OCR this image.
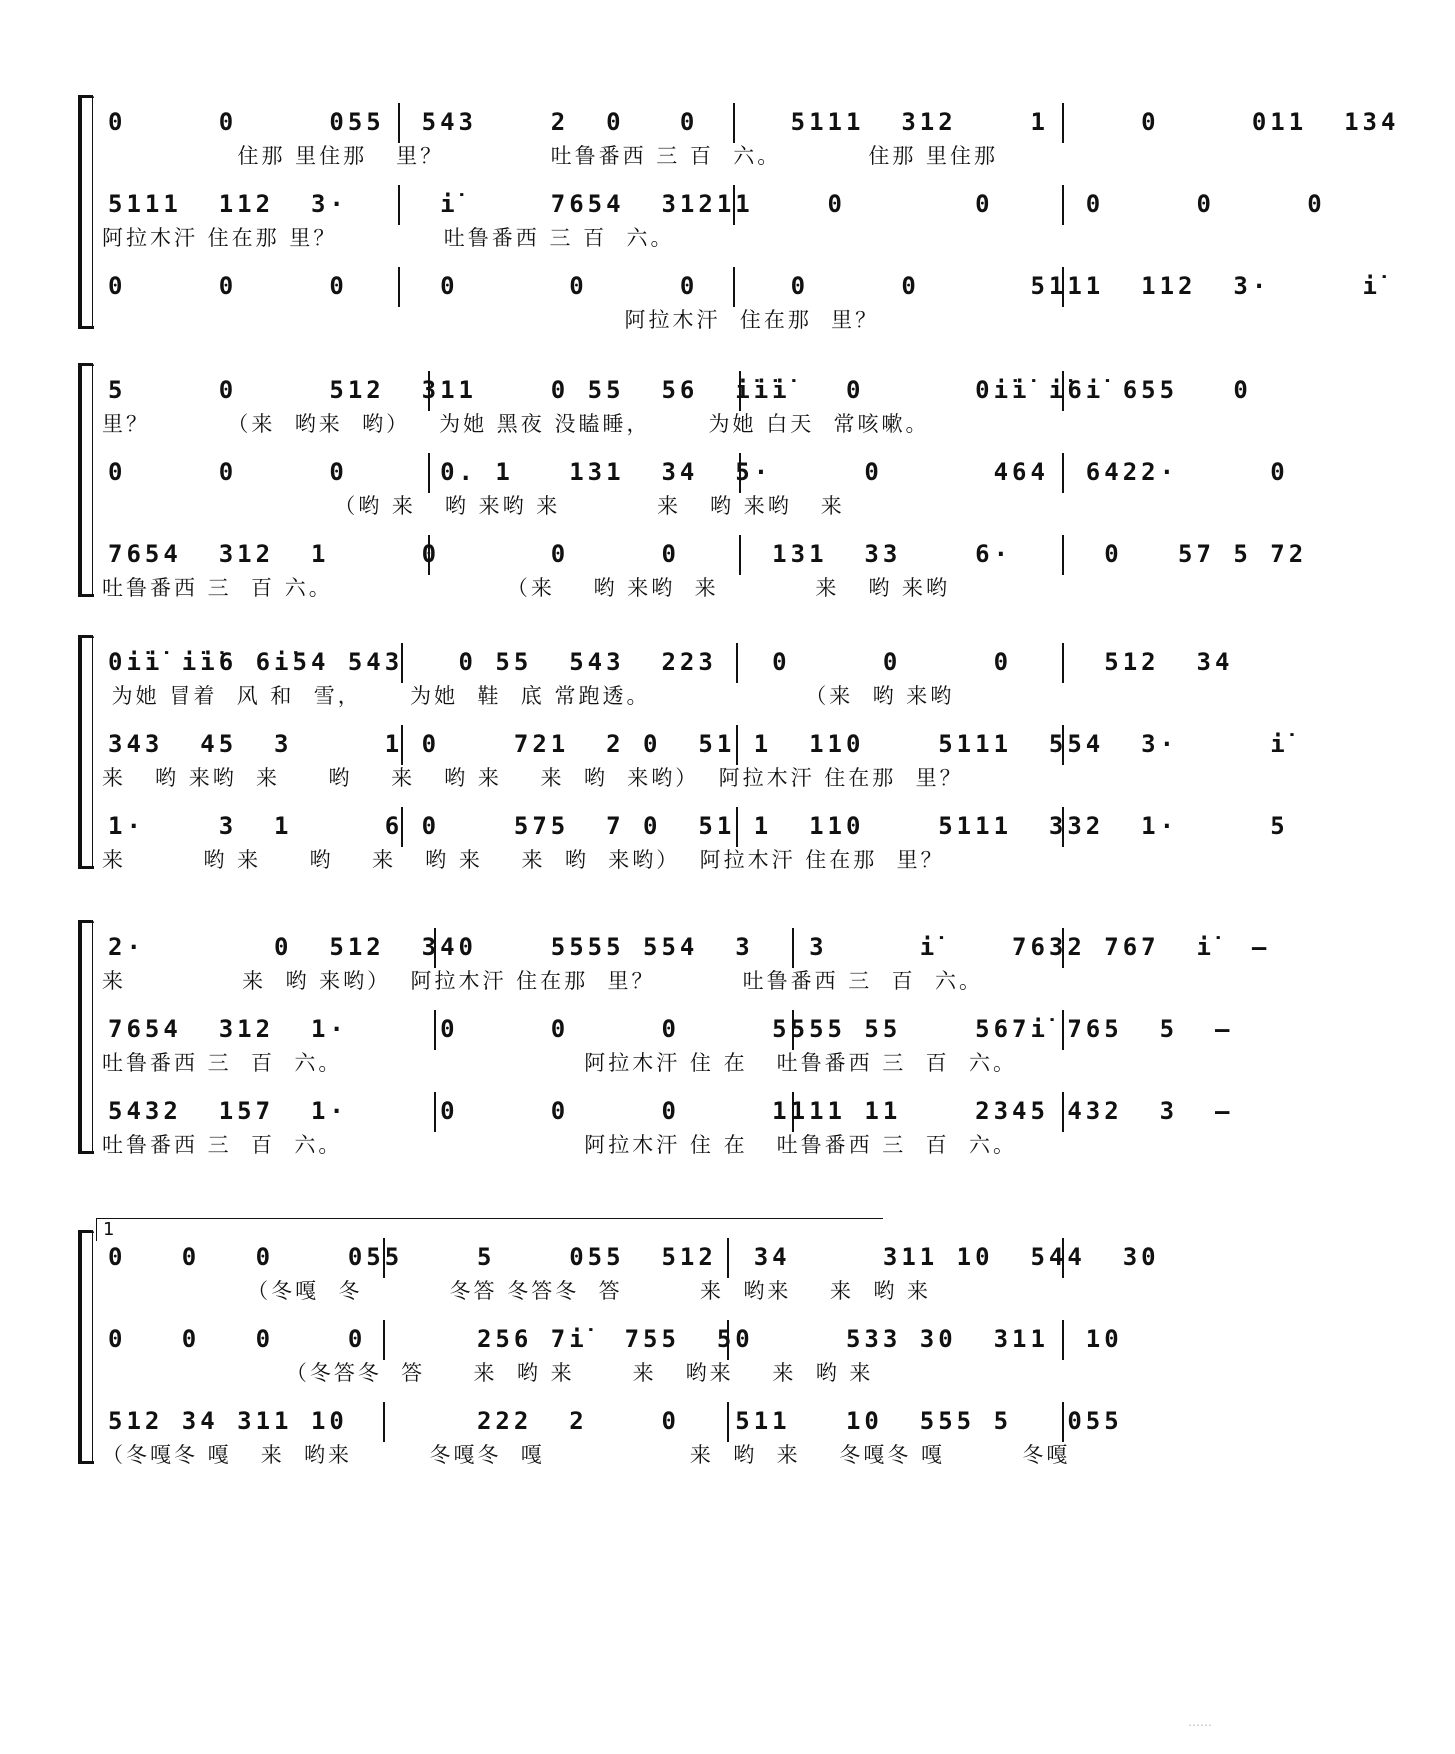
0     0     055  543    2  0   0     5111  312    1     0     011  134
住那 里住那   里？           吐鲁番西 三 百  六。         住那 里住那
5111  112  3·     i̇     7654  31211    0       0     0     0     0
阿拉木汗 住在那 里？           吐鲁番西 三 百  六。
0     0     0     0      0     0     0     0      5111  112  3·     i̇
阿拉木汗  住在那  里？
5     0     512  311    0 55  56  i̇i̇i̇   0      0i̇i̇ i̇6i̇ 655   0
里？        （来  哟来  哟）   为她 黑夜 没瞌睡，      为她 白天  常咳嗽。
0     0     0     0. 1   131  34  5·     0      464  6422·     0
（哟 来   哟 来哟 来          来   哟 来哟   来
7654  312  1     0      0     0     131  33    6·     0   57 5 72
吐鲁番西 三  百 六。                  （来    哟 来哟  来          来   哟 来哟
0i̇i̇ i̇i̇6 6i̇54 543   0 55  543  223   0     0     0     512  34
为她 冒着  风 和  雪，     为她  鞋  底 常跑透。                （来  哟 来哟
343  45  3     1 0    721  2 0  51 1  110    5111  554  3·     i̇
来   哟 来哟  来     哟    来   哟 来    来  哟  来哟）  阿拉木汗 住在那  里？
1·    3  1     6 0    575  7 0  51 1  110    5111  332  1·     5
来        哟 来     哟    来   哟 来    来  哟  来哟）  阿拉木汗 住在那  里？
2·       0  512  340    5555 554  3   3     i̇    7632 767  i̇  –
来            来  哟 来哟）  阿拉木汗 住在那  里？         吐鲁番西 三  百  六。
7654  312  1·     0     0     0     5555 55    567i̇ 765  5  –
吐鲁番西 三  百  六。                         阿拉木汗 住 在   吐鲁番西 三  百  六。
5432  157  1·     0     0     0     1111 11    2345 432  3  –
吐鲁番西 三  百  六。                         阿拉木汗 住 在   吐鲁番西 三  百  六。
1
0   0   0    055    5    055  512  34     311 10  544  30
（冬嘎  冬         冬答 冬答冬  答        来  哟来    来  哟 来
0   0   0    0      256 7i̇  755  50     533 30  311  10
（冬答冬  答     来  哟 来      来   哟来    来  哟 来
512 34 311 10       222  2    0   511   10  555 5   055
（冬嘎冬 嘎   来  哟来        冬嘎冬  嘎               来  哟  来    冬嘎冬 嘎        冬嘎
⋯⋯
